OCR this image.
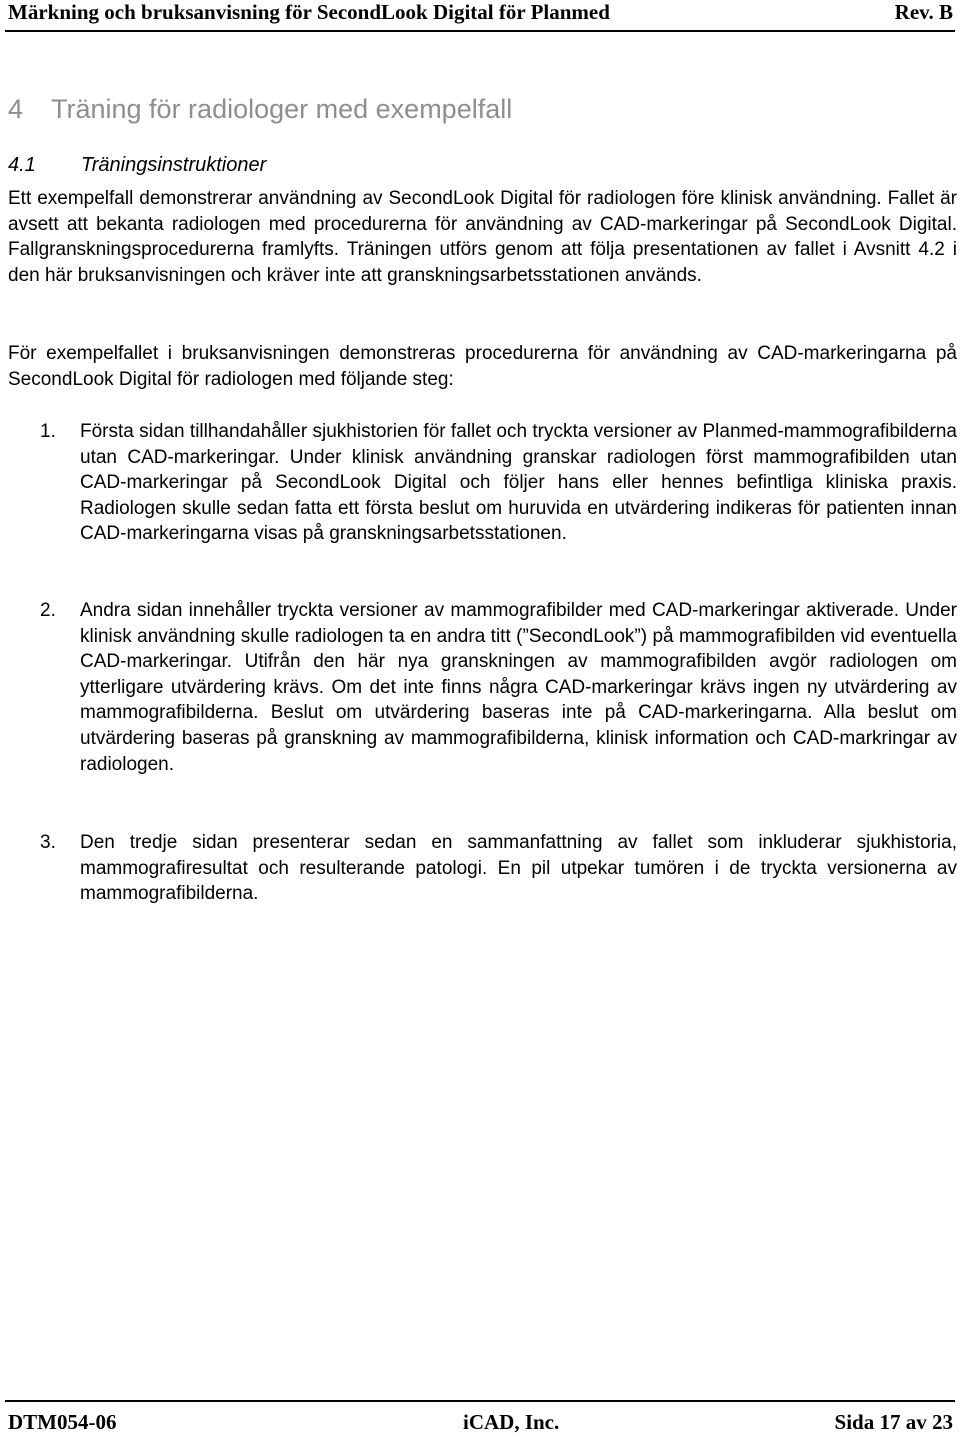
Märkning och bruksanvisning för SecondLook Digital för Planmed	Rev. B
4 Träning för radiologer med exempelfall
4.1 Träningsinstruktioner

Ett exempelfall demonstrerar användning av SecondLook Digital för radiologen före klinisk användning. Fallet är avsett att bekanta radiologen med procedurerna för användning av CAD-markeringar på SecondLook Digital. Fallgranskningsprocedurerna framlyfts. Träningen utförs genom att följa presentationen av fallet i Avsnitt 4.2 i den här bruksanvisningen och kräver inte att granskningsarbetsstationen används.

För exempelfallet i bruksanvisningen demonstreras procedurerna för användning av CAD-markeringarna på SecondLook Digital för radiologen med följande steg:

1. Första sidan tillhandahåller sjukhistorien för fallet och tryckta versioner av Planmed-mammografibilderna utan CAD-markeringar. Under klinisk användning granskar radiologen först mammografibilden utan CAD-markeringar på SecondLook Digital och följer hans eller hennes befintliga kliniska praxis. Radiologen skulle sedan fatta ett första beslut om huruvida en utvärdering indikeras för patienten innan CAD-markeringarna visas på granskningsarbetsstationen.
2. Andra sidan innehåller tryckta versioner av mammografibilder med CAD-markeringar aktiverade. Under klinisk användning skulle radiologen ta en andra titt (”SecondLook”) på mammografibilden vid eventuella CAD-markeringar. Utifrån den här nya granskningen av mammografibilden avgör radiologen om ytterligare utvärdering krävs. Om det inte finns några CAD-markeringar krävs ingen ny utvärdering av mammografibilderna. Beslut om utvärdering baseras inte på CAD-markeringarna. Alla beslut om utvärdering baseras på granskning av mammografibilderna, klinisk information och CAD-markringar av radiologen.
3. Den tredje sidan presenterar sedan en sammanfattning av fallet som inkluderar sjukhistoria, mammografiresultat och resulterande patologi. En pil utpekar tumören i de tryckta versionerna av mammografibilderna.
DTM054-06	iCAD, Inc.	Sida 17 av 23
